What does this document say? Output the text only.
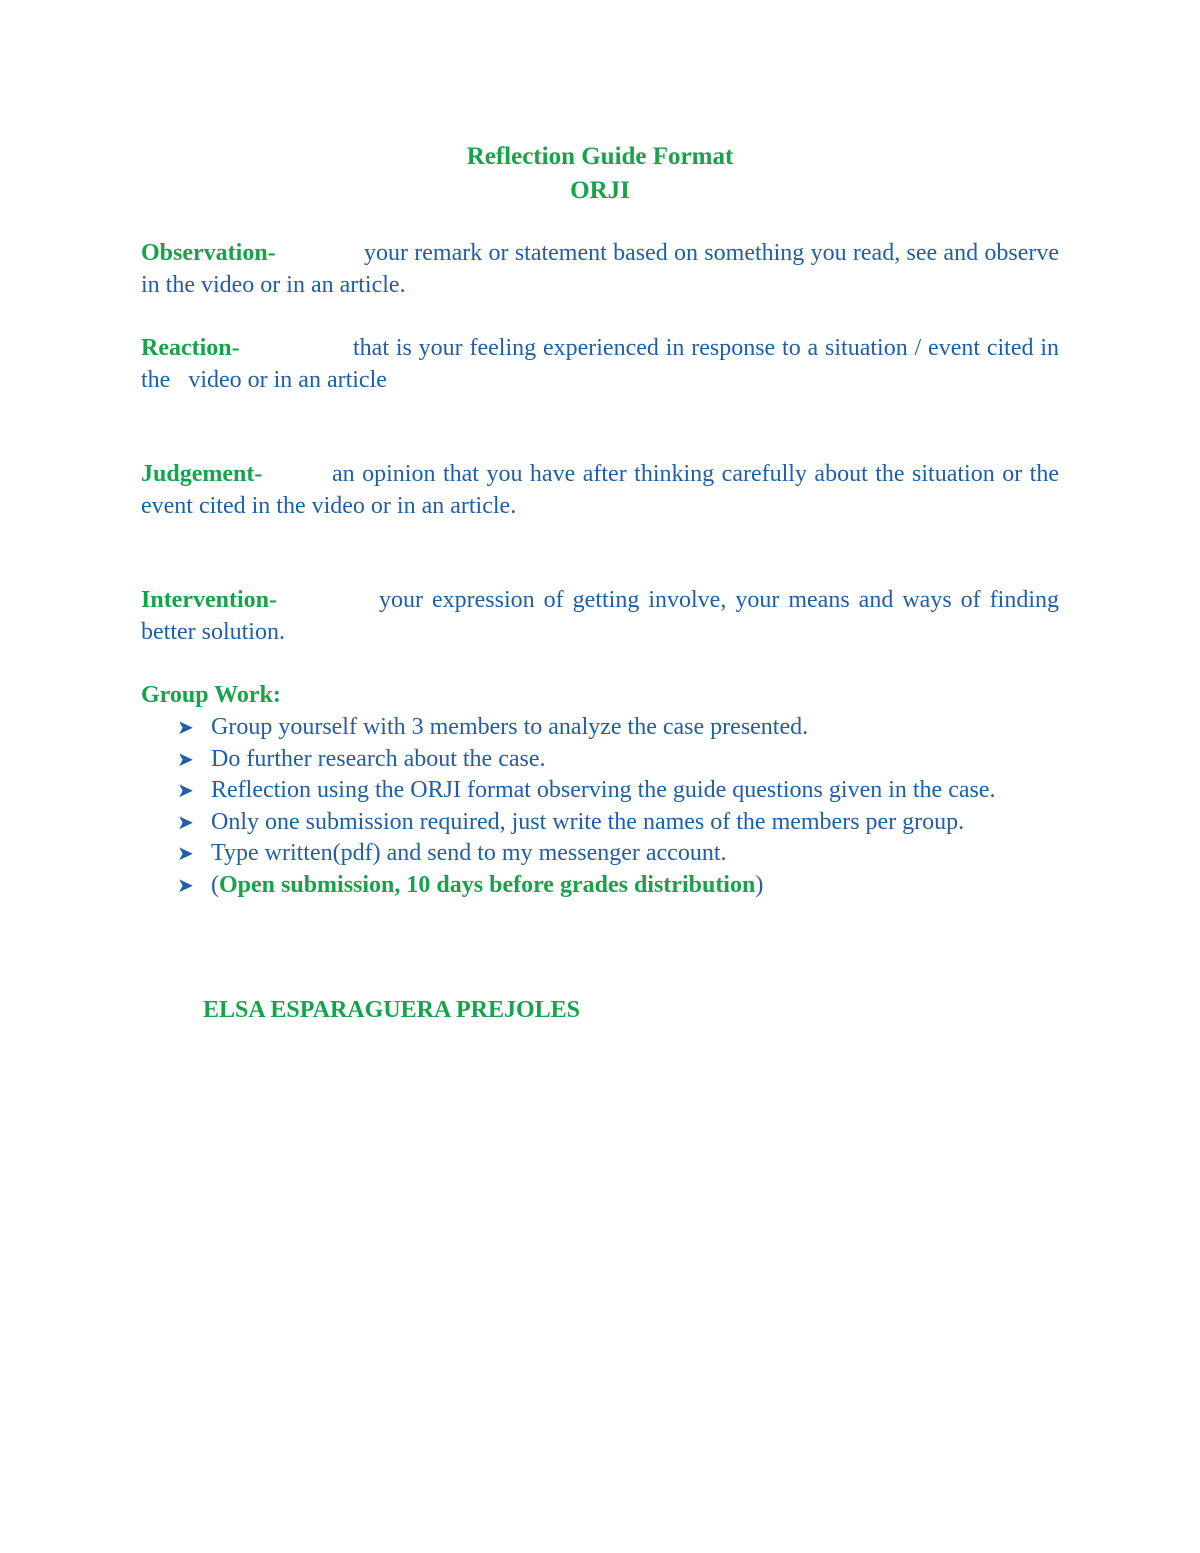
Reflection Guide Format
ORJI
Observation-	your remark or statement based on something you read, see and observe in the video or in an article.
Reaction-	that is your feeling experienced in response to a situation / event cited in the   video or in an article
Judgement-	an opinion that you have after thinking carefully about the situation or the event cited in the video or in an article.
Intervention-	your expression of getting involve, your means and ways of finding better solution.
Group Work:
➤ Group yourself with 3 members to analyze the case presented.
➤ Do further research about the case.
➤ Reflection using the ORJI format observing the guide questions given in the case.
➤ Only one submission required, just write the names of the members per group.
➤ Type written(pdf) and send to my messenger account.
➤ (Open submission, 10 days before grades distribution)
ELSA ESPARAGUERA PREJOLES
